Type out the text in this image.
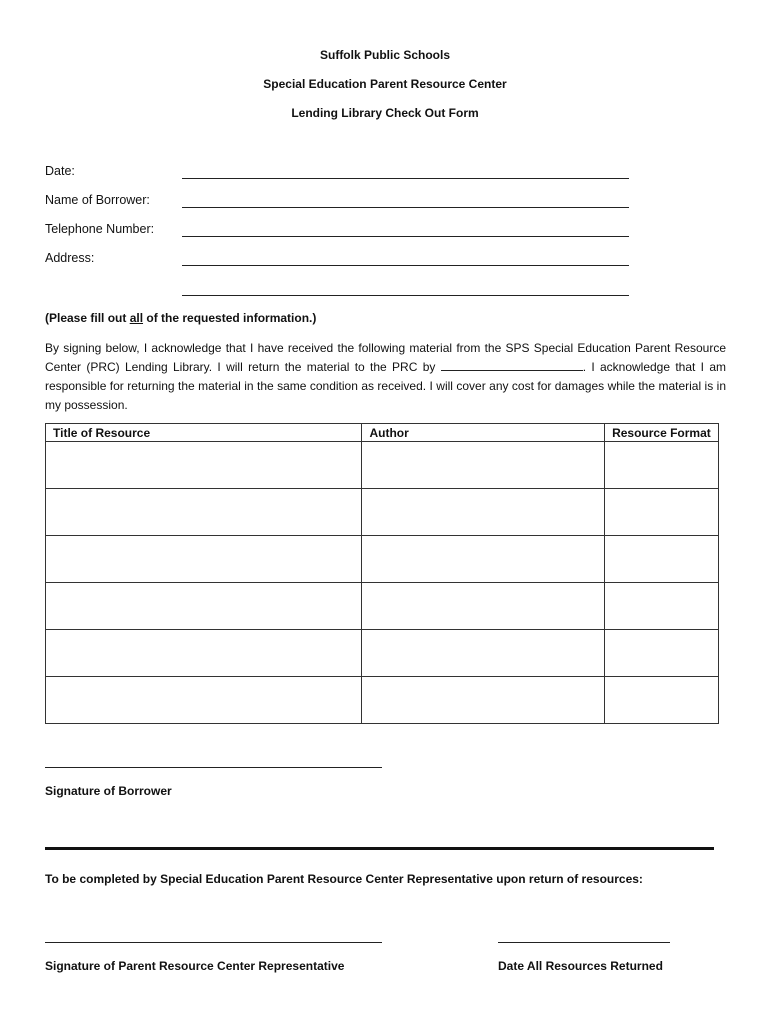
Suffolk Public Schools
Special Education Parent Resource Center
Lending Library Check Out Form
Date:
Name of Borrower:
Telephone Number:
Address:
(Please fill out all of the requested information.)
By signing below, I acknowledge that I have received the following material from the SPS Special Education Parent Resource Center (PRC) Lending Library. I will return the material to the PRC by	. I acknowledge that I am responsible for returning the material in the same condition as received. I will cover any cost for damages while the material is in my possession.
Title of Resource	Author	Resource Format

Signature of Borrower
To be completed by Special Education Parent Resource Center Representative upon return of resources:
Signature of Parent Resource Center Representative	Date All Resources Returned
